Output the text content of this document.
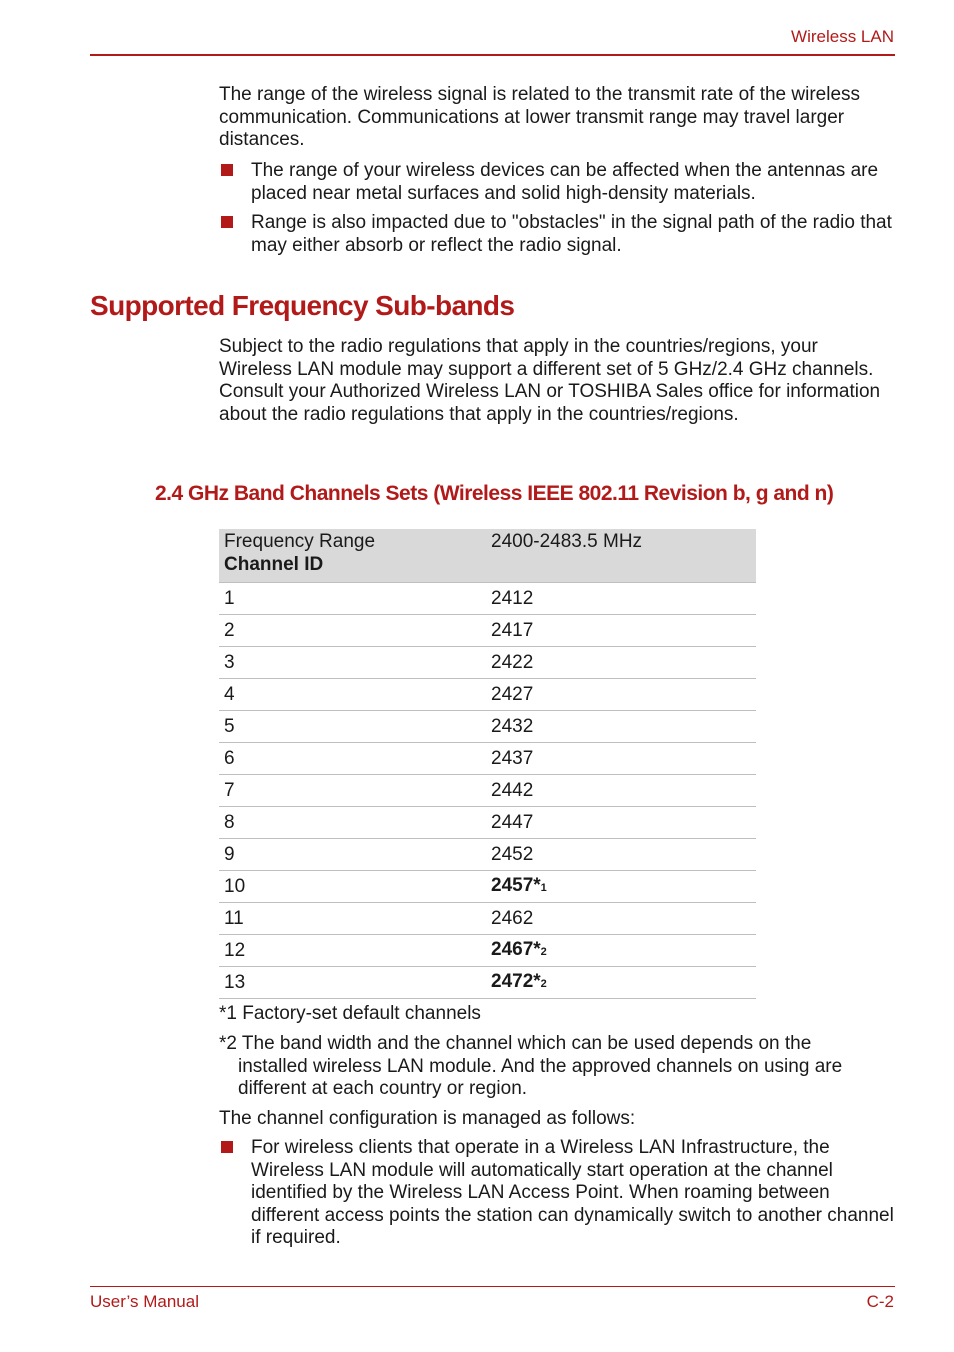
Wireless LAN

The range of the wireless signal is related to the transmit rate of the wireless communication. Communications at lower transmit range may travel larger distances.

The range of your wireless devices can be affected when the antennas are placed near metal surfaces and solid high-density materials.
Range is also impacted due to "obstacles" in the signal path of the radio that may either absorb or reflect the radio signal.
Supported Frequency Sub-bands

Subject to the radio regulations that apply in the countries/regions, your Wireless LAN module may support a different set of 5 GHz/2.4 GHz channels. Consult your Authorized Wireless LAN or TOSHIBA Sales office for information about the radio regulations that apply in the countries/regions.

2.4 GHz Band Channels Sets (Wireless IEEE 802.11 Revision b, g and n)
Frequency Range
Channel ID	2400-2483.5 MHz
1	2412
2	2417
3	2422
4	2427
5	2432
6	2437
7	2442
8	2447
9	2452
10	2457*1
11	2462
12	2467*2
13	2472*2
*1 Factory-set default channels
*2 The band width and the channel which can be used depends on the
installed wireless LAN module. And the approved channels on using are different at each country or region.
The channel configuration is managed as follows:
For wireless clients that operate in a Wireless LAN Infrastructure, the Wireless LAN module will automatically start operation at the channel identified by the Wireless LAN Access Point. When roaming between different access points the station can dynamically switch to another channel if required.
User’s Manual	C-2
